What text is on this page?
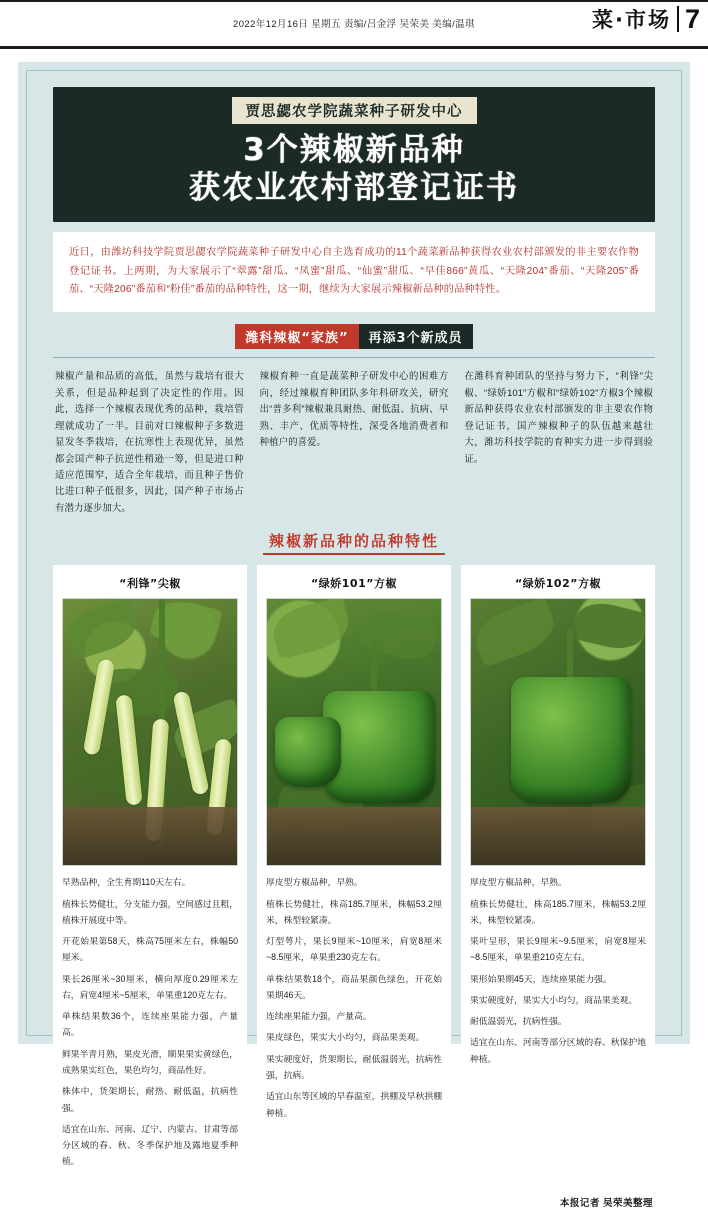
2022年12月16日 星期五 责编/吕金浮 吴荣美 美编/温琪	菜·市场 7
贾思勰农学院蔬菜种子研发中心
3个辣椒新品种
获农业农村部登记证书
近日，由潍坊科技学院贾思勰农学院蔬菜种子研发中心自主选育成功的11个蔬菜新品种获得农业农村部颁发的非主要农作物登记证书。上两期，为大家展示了“翠露”甜瓜、“凤蜜”甜瓜、“仙蜜”甜瓜、“早佳866”黄瓜、“天隆204”番茄、“天隆205”番茄、“天隆206”番茄和“粉佳”番茄的品种特性，这一期，继续为大家展示辣椒新品种的品种特性。
潍科辣椒“家族” 再添3个新成员
辣椒产量和品质的高低，虽然与栽培有很大关系，但是品种起到了决定性的作用。因此，选择一个辣椒表现优秀的品种，栽培管理就成功了一半。目前对口辣椒种子多数进显发冬季栽培，在抗寒性上表现优异，虽然都会国产种子抗逆性稍逊一筹，但是进口种适应范围窄，适合全年栽培，而且种子售价比进口种子低很多，因此，国产种子市场占有潜力逐步加大。
辣椒育种一直是蔬菜种子研发中心的困难方向，经过辣椒育种团队多年科研攻关，研究出“普多利”辣椒兼具耐热、耐低温、抗病、早熟、丰产、优质等特性，深受各地消费者和种植户的喜爱。
在潍科育种团队的坚持与努力下，“利锋”尖椒、“绿娇101”方椒和“绿娇102”方椒3个辣椒新品种获得农业农村部颁发的非主要农作物登记证书，国产辣椒种子的队伍越来越壮大，潍坊科技学院的育种实力进一步得到验证。
辣椒新品种的品种特性
“利锋”尖椒

早熟品种，全生育期110天左右。

植株长势健壮，分支能力强，空间感过且粗，植株开展度中等。

开花始果第58天，株高75厘米左右，株幅50厘米。

果长26厘米~30厘米，横向厚度0.29厘米左右，肩宽4厘米~5厘米，单果重120克左右。

单株结果数36个，连续座果能力强，产量高。

鲜果半青月熟，果皮光滑，顺果果实黄绿色，成熟果实红色，果色均匀，商品性好。

株体中，货架期长，耐热、耐低温，抗病性强。

适宜在山东、河南、辽宁、内蒙古、甘肃等部分区域的春、秋、冬季保护地及露地夏季种植。

“绿娇101”方椒

厚皮型方椒品种，早熟。

植株长势健壮，株高185.7厘米，株幅53.2厘米，株型较紧凑。

灯型萼片，果长9厘米~10厘米，肩宽8厘米~8.5厘米，单果重230克左右。

单株结果数18个，商品果颜色绿色，开花始果期46天。

连续座果能力强，产量高。

果皮绿色，果实大小均匀，商品果美观。

果实硬度好，货架期长，耐低温弱光，抗病性强，抗病。

适宜山东等区域的早春温室，拱棚及早秋拱棚种植。

“绿娇102”方椒

厚皮型方椒品种，早熟。

植株长势健壮，株高185.7厘米，株幅53.2厘米，株型较紧凑。

果叶呈形，果长9厘米~9.5厘米，肩宽8厘米~8.5厘米，单果重210克左右。

果形始果期45天，连续座果能力强。

果实硬度好，果实大小均匀，商品果美观。

耐低温弱光，抗病性强。

适宜在山东、河南等部分区域的春、秋保护地种植。

本报记者 吴荣美整理
